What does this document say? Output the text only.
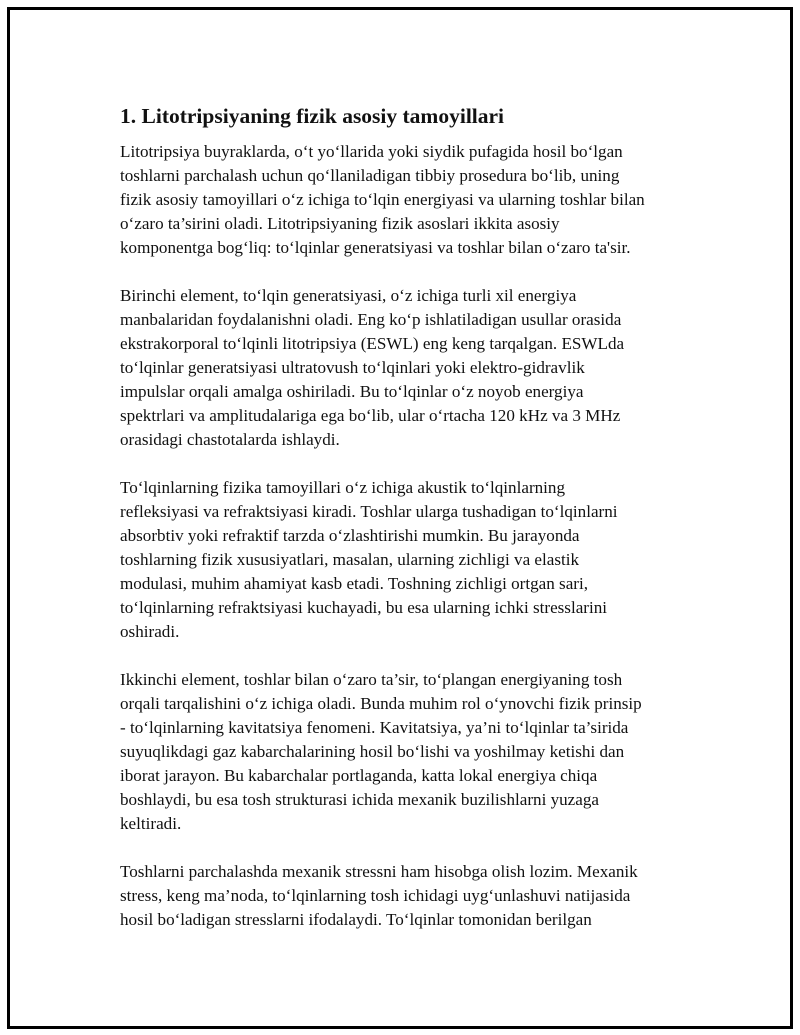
1. Litotripsiyaning fizik asosiy tamoyillari

Litotripsiya buyraklarda, o‘t yo‘llarida yoki siydik pufagida hosil bo‘lgan
toshlarni parchalash uchun qo‘llaniladigan tibbiy prosedura bo‘lib, uning
fizik asosiy tamoyillari o‘z ichiga to‘lqin energiyasi va ularning toshlar bilan
o‘zaro ta’sirini oladi. Litotripsiyaning fizik asoslari ikkita asosiy
komponentga bog‘liq: to‘lqinlar generatsiyasi va toshlar bilan o‘zaro ta'sir.

Birinchi element, to‘lqin generatsiyasi, o‘z ichiga turli xil energiya
manbalaridan foydalanishni oladi. Eng ko‘p ishlatiladigan usullar orasida
ekstrakorporal to‘lqinli litotripsiya (ESWL) eng keng tarqalgan. ESWLda
to‘lqinlar generatsiyasi ultratovush to‘lqinlari yoki elektro-gidravlik
impulslar orqali amalga oshiriladi. Bu to‘lqinlar o‘z noyob energiya
spektrlari va amplitudalariga ega bo‘lib, ular o‘rtacha 120 kHz va 3 MHz
orasidagi chastotalarda ishlaydi.

To‘lqinlarning fizika tamoyillari o‘z ichiga akustik to‘lqinlarning
refleksiyasi va refraktsiyasi kiradi. Toshlar ularga tushadigan to‘lqinlarni
absorbtiv yoki refraktif tarzda o‘zlashtirishi mumkin. Bu jarayonda
toshlarning fizik xususiyatlari, masalan, ularning zichligi va elastik
modulasi, muhim ahamiyat kasb etadi. Toshning zichligi ortgan sari,
to‘lqinlarning refraktsiyasi kuchayadi, bu esa ularning ichki stresslarini
oshiradi.

Ikkinchi element, toshlar bilan o‘zaro ta’sir, to‘plangan energiyaning tosh
orqali tarqalishini o‘z ichiga oladi. Bunda muhim rol o‘ynovchi fizik prinsip
- to‘lqinlarning kavitatsiya fenomeni. Kavitatsiya, ya’ni to‘lqinlar ta’sirida
suyuqlikdagi gaz kabarchalarining hosil bo‘lishi va yoshilmay ketishi dan
iborat jarayon. Bu kabarchalar portlaganda, katta lokal energiya chiqa
boshlaydi, bu esa tosh strukturasi ichida mexanik buzilishlarni yuzaga
keltiradi.

Toshlarni parchalashda mexanik stressni ham hisobga olish lozim. Mexanik
stress, keng ma’noda, to‘lqinlarning tosh ichidagi uyg‘unlashuvi natijasida
hosil bo‘ladigan stresslarni ifodalaydi. To‘lqinlar tomonidan berilgan
